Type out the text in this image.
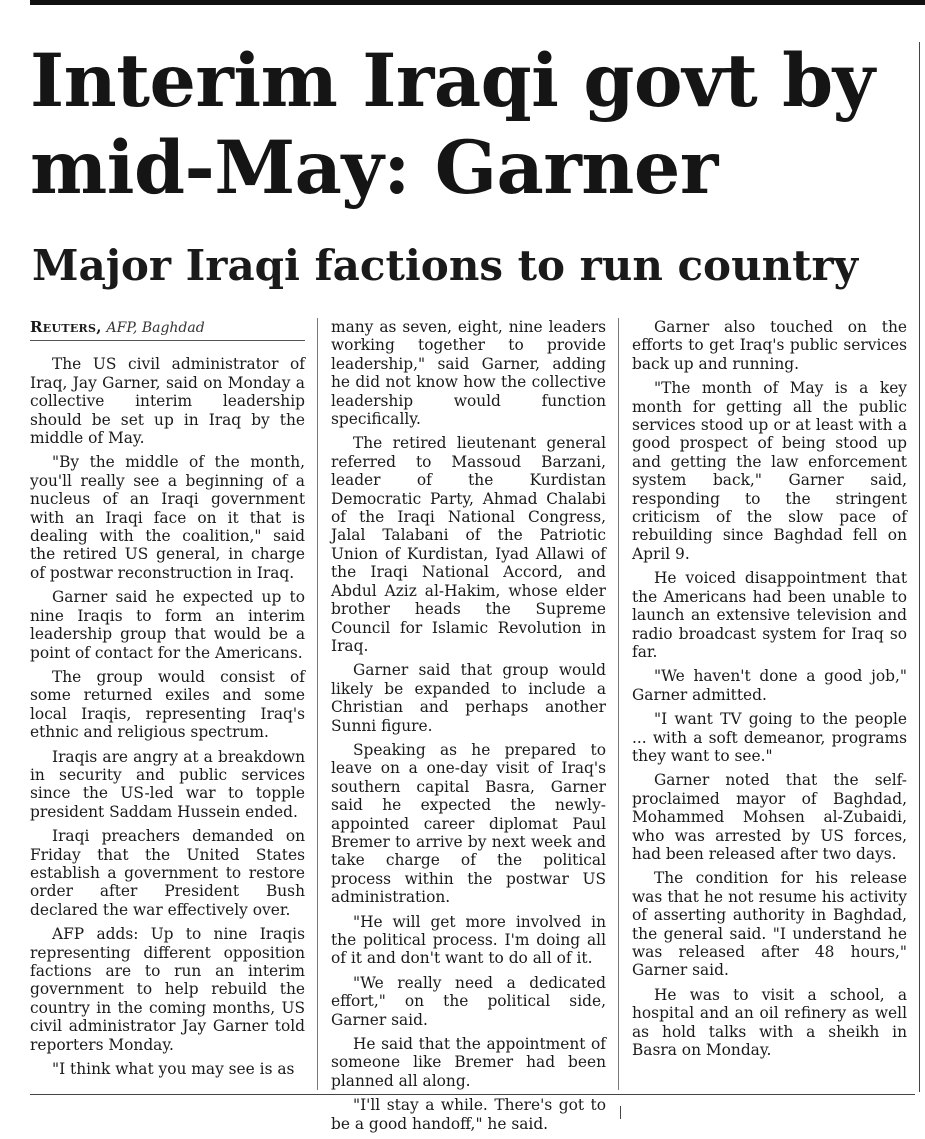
Interim Iraqi govt by mid-May: Garner
Major Iraqi factions to run country
Reuters, AFP, Baghdad

The US civil administrator of Iraq, Jay Garner, said on Monday a collective interim leadership should be set up in Iraq by the middle of May.

"By the middle of the month, you'll really see a beginning of a nucleus of an Iraqi government with an Iraqi face on it that is dealing with the coalition," said the retired US general, in charge of postwar reconstruction in Iraq.

Garner said he expected up to nine Iraqis to form an interim leadership group that would be a point of contact for the Americans.

The group would consist of some returned exiles and some local Iraqis, representing Iraq's ethnic and religious spectrum.

Iraqis are angry at a breakdown in security and public services since the US-led war to topple president Saddam Hussein ended.

Iraqi preachers demanded on Friday that the United States establish a government to restore order after President Bush declared the war effectively over.

AFP adds: Up to nine Iraqis representing different opposition factions are to run an interim government to help rebuild the country in the coming months, US civil administrator Jay Garner told reporters Monday.

"I think what you may see is as

many as seven, eight, nine leaders working together to provide leadership," said Garner, adding he did not know how the collective leadership would function specifically.

The retired lieutenant general referred to Massoud Barzani, leader of the Kurdistan Democratic Party, Ahmad Chalabi of the Iraqi National Congress, Jalal Talabani of the Patriotic Union of Kurdistan, Iyad Allawi of the Iraqi National Accord, and Abdul Aziz al-Hakim, whose elder brother heads the Supreme Council for Islamic Revolution in Iraq.

Garner said that group would likely be expanded to include a Christian and perhaps another Sunni figure.

Speaking as he prepared to leave on a one-day visit of Iraq's southern capital Basra, Garner said he expected the newly-appointed career diplomat Paul Bremer to arrive by next week and take charge of the political process within the postwar US administration.

"He will get more involved in the political process. I'm doing all of it and don't want to do all of it.

"We really need a dedicated effort," on the political side, Garner said.

He said that the appointment of someone like Bremer had been planned all along.

"I'll stay a while. There's got to be a good handoff," he said.

Garner also touched on the efforts to get Iraq's public services back up and running.

"The month of May is a key month for getting all the public services stood up or at least with a good prospect of being stood up and getting the law enforcement system back," Garner said, responding to the stringent criticism of the slow pace of rebuilding since Baghdad fell on April 9.

He voiced disappointment that the Americans had been unable to launch an extensive television and radio broadcast system for Iraq so far.

"We haven't done a good job," Garner admitted.

"I want TV going to the people ... with a soft demeanor, programs they want to see."

Garner noted that the self-proclaimed mayor of Baghdad, Mohammed Mohsen al-Zubaidi, who was arrested by US forces, had been released after two days.

The condition for his release was that he not resume his activity of asserting authority in Baghdad, the general said. "I understand he was released after 48 hours," Garner said.

He was to visit a school, a hospital and an oil refinery as well as hold talks with a sheikh in Basra on Monday.
